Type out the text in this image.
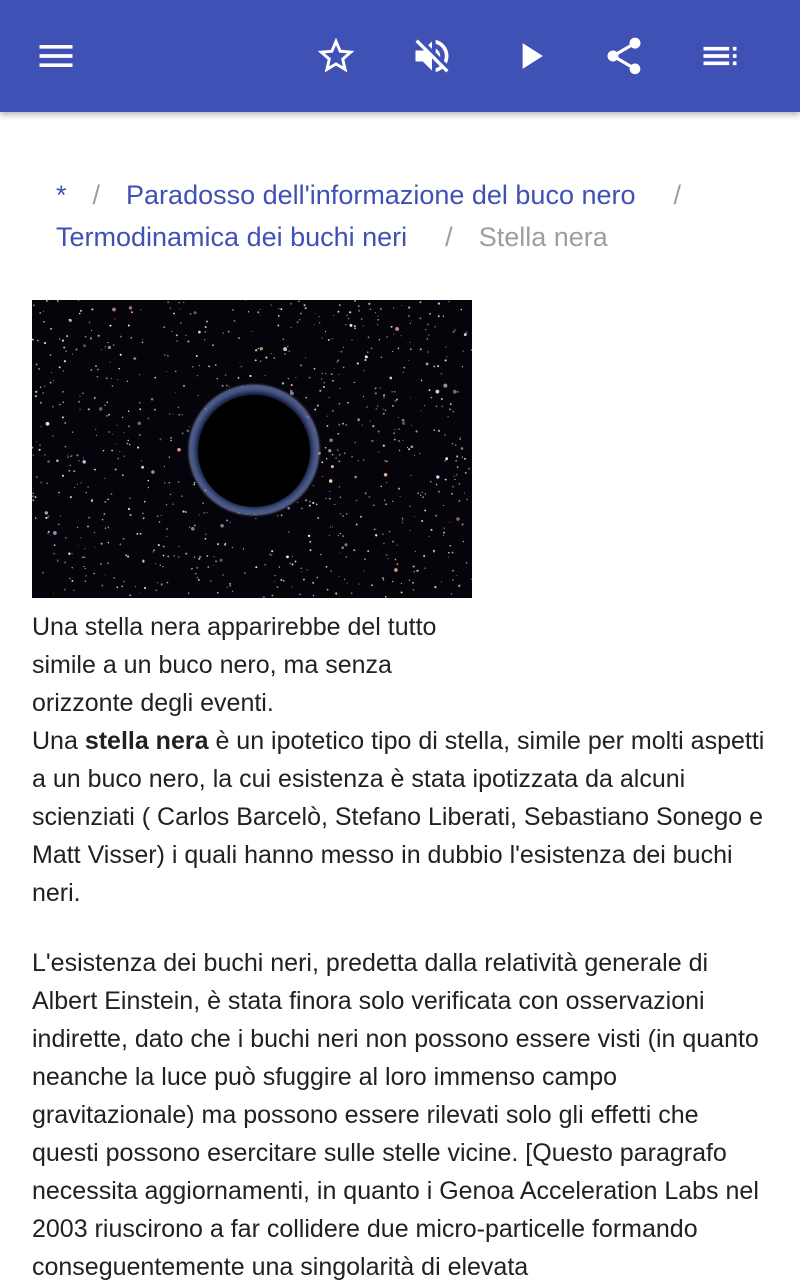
* / Paradosso dell'informazione del buco nero /
Termodinamica dei buchi neri / Stella nera
Una stella nera apparirebbe del tutto simile a un buco nero, ma senza orizzonte degli eventi.
Una stella nera è un ipotetico tipo di stella, simile per molti aspetti a un buco nero, la cui esistenza è stata ipotizzata da alcuni scienziati ( Carlos Barcelò, Stefano Liberati, Sebastiano Sonego e Matt Visser) i quali hanno messo in dubbio l'esistenza dei buchi neri.
L'esistenza dei buchi neri, predetta dalla relatività generale di Albert Einstein, è stata finora solo verificata con osservazioni indirette, dato che i buchi neri non possono essere visti (in quanto neanche la luce può sfuggire al loro immenso campo gravitazionale) ma possono essere rilevati solo gli effetti che questi possono esercitare sulle stelle vicine. [Questo paragrafo necessita aggiornamenti, in quanto i Genoa Acceleration Labs nel 2003 riuscirono a far collidere due micro-particelle formando conseguentemente una singolarità di elevata
